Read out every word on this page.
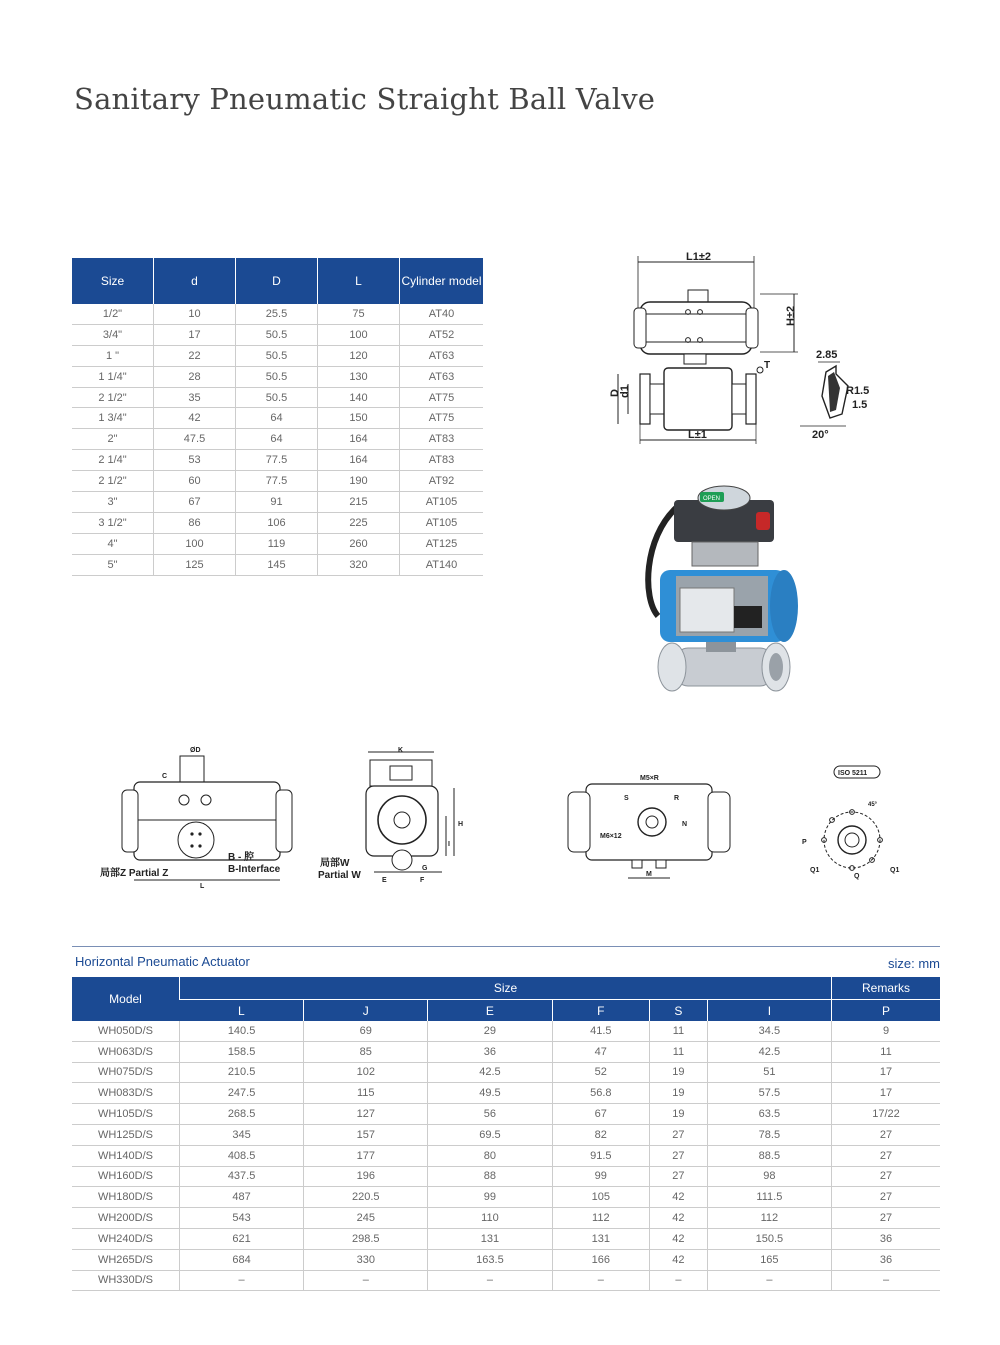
Sanitary Pneumatic Straight Ball Valve
Size	d	D	L	Cylinder model
1/2"	10	25.5	75	AT40
3/4"	17	50.5	100	AT52
1 "	22	50.5	120	AT63
1 1/4"	28	50.5	130	AT63
2 1/2"	35	50.5	140	AT75
1 3/4"	42	64	150	AT75
2"	47.5	64	164	AT83
2 1/4"	53	77.5	164	AT83
2 1/2"	60	77.5	190	AT92
3"	67	91	215	AT105
3 1/2"	86	106	225	AT105
4"	100	119	260	AT125
5"	125	145	320	AT140
L1±2
H±2
T
D
d1
L±1
2.85
R1.5
1.5
20°
OPEN
ØD
C
B - 腔
B-Interface
局部Z Partial Z
L
K
H
I
局部W
Partial W
G
E	F
M5×R
S	R
N
M6×12
M
ISO 5211
45°
P
Q1
Q
Q1
Horizontal Pneumatic Actuator	size: mm
Model	Size						Remarks
	L	J	E	F	S	I	P
WH050D/S	140.5	69	29	41.5	11	34.5	9
WH063D/S	158.5	85	36	47	11	42.5	11
WH075D/S	210.5	102	42.5	52	19	51	17
WH083D/S	247.5	115	49.5	56.8	19	57.5	17
WH105D/S	268.5	127	56	67	19	63.5	17/22
WH125D/S	345	157	69.5	82	27	78.5	27
WH140D/S	408.5	177	80	91.5	27	88.5	27
WH160D/S	437.5	196	88	99	27	98	27
WH180D/S	487	220.5	99	105	42	111.5	27
WH200D/S	543	245	110	112	42	112	27
WH240D/S	621	298.5	131	131	42	150.5	36
WH265D/S	684	330	163.5	166	42	165	36
WH330D/S	–	–	–	–	–	–	–
